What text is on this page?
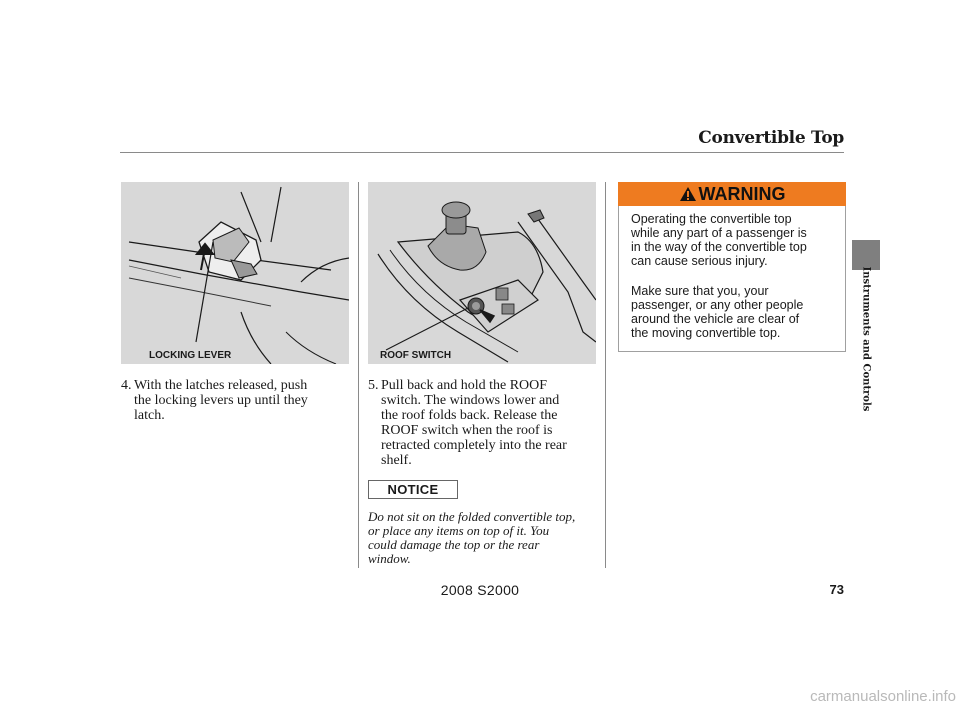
Convertible Top
Instruments and Controls
LOCKING LEVER	ROOF SWITCH
4. With the latches released, push
the locking levers up until they
latch.
5. Pull back and hold the ROOF
switch. The windows lower and
the roof folds back. Release the
ROOF switch when the roof is
retracted completely into the rear
shelf.
WARNING
Operating the convertible top
while any part of a passenger is
in the way of the convertible top
can cause serious injury.
Make sure that you, your
passenger, or any other people
around the vehicle are clear of
the moving convertible top.
NOTICE
Do not sit on the folded convertible top,
or place any items on top of it. You
could damage the top or the rear
window.
2008 S2000	73
carmanualsonline.info
